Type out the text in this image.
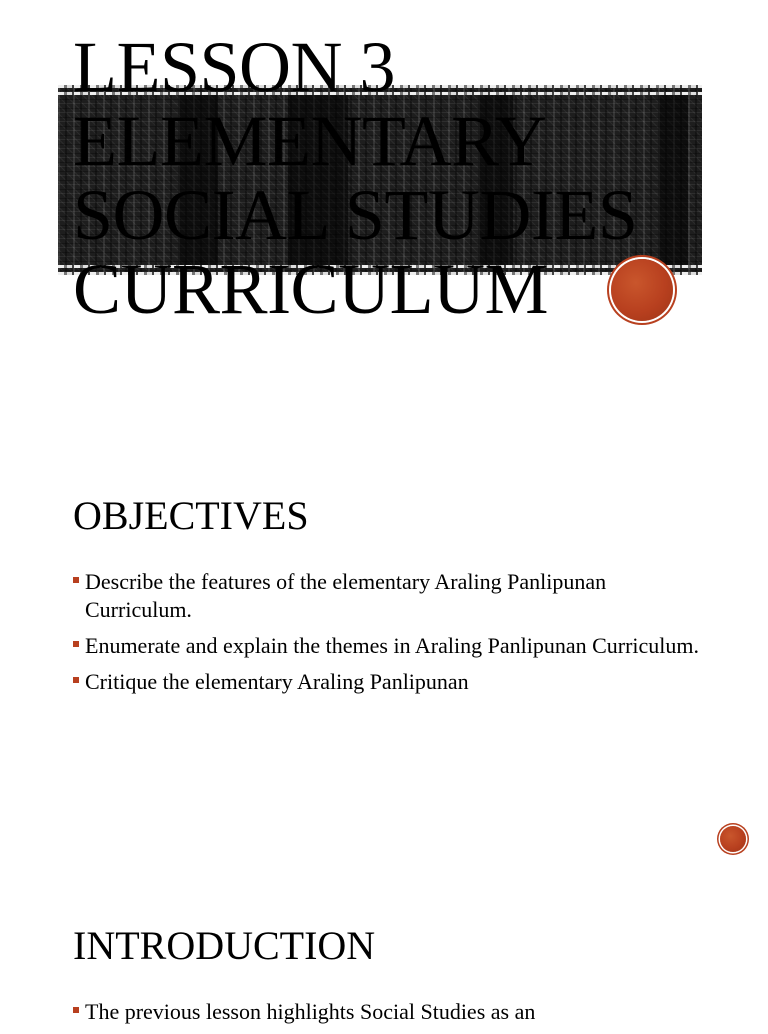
LESSON 3
ELEMENTARY
SOCIAL STUDIES
CURRICULUM
OBJECTIVES
Describe the features of the elementary Araling Panlipunan Curriculum.
Enumerate and explain the themes in Araling Panlipunan Curriculum.
Critique the elementary Araling Panlipunan
INTRODUCTION
The previous lesson highlights Social Studies as an
